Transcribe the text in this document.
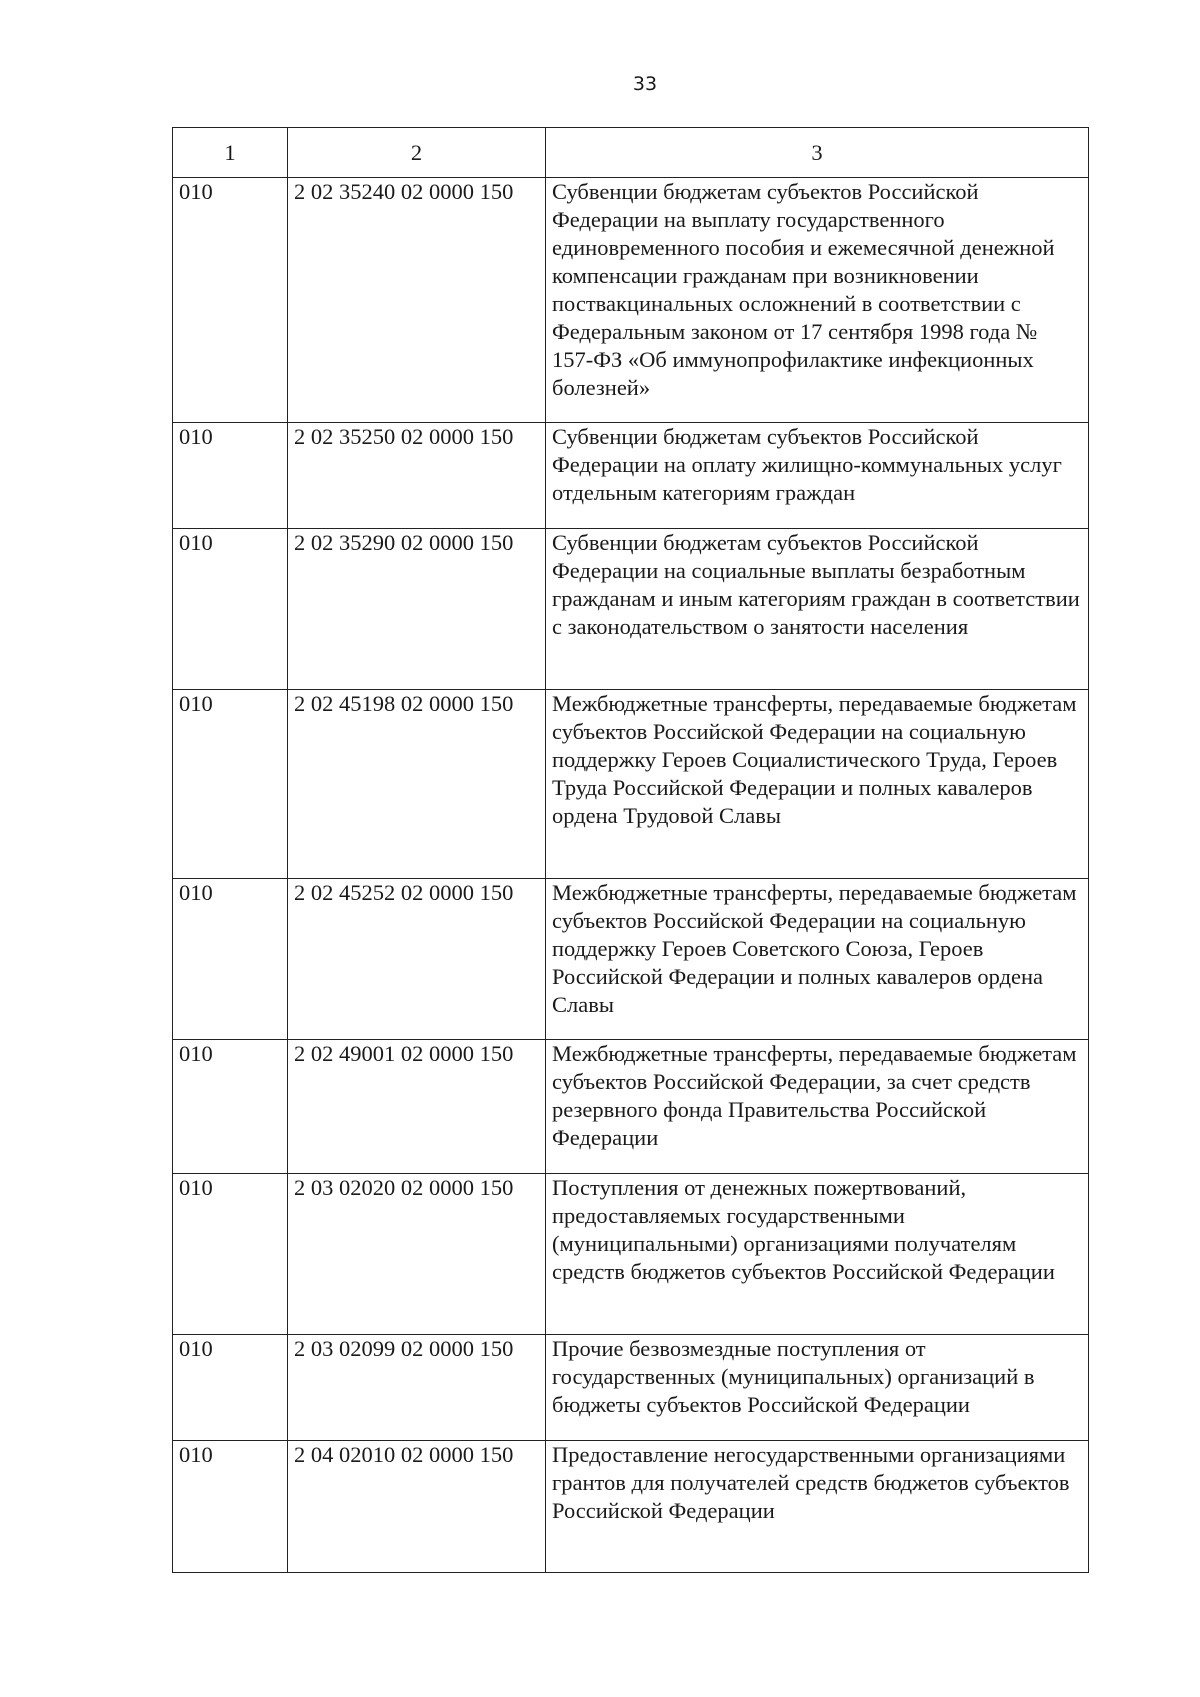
33
1	2	3
010	2 02 35240 02 0000 150	Субвенции бюджетам субъектов Российской Федерации на выплату государственного единовременного пособия и ежемесячной денежной компенсации гражданам при возникновении поствакцинальных осложнений в соответствии с Федеральным законом от 17 сентября 1998 года № 157-ФЗ «Об иммунопрофилактике инфекционных болезней»
010	2 02 35250 02 0000 150	Субвенции бюджетам субъектов Российской Федерации на оплату жилищно-коммунальных услуг отдельным категориям граждан
010	2 02 35290 02 0000 150	Субвенции бюджетам субъектов Российской Федерации на социальные выплаты безработным гражданам и иным категориям граждан в соответствии с законодательством о занятости населения
010	2 02 45198 02 0000 150	Межбюджетные трансферты, передаваемые бюджетам субъектов Российской Федерации на социальную поддержку Героев Социалистического Труда, Героев Труда Российской Федерации и полных кавалеров ордена Трудовой Славы
010	2 02 45252 02 0000 150	Межбюджетные трансферты, передаваемые бюджетам субъектов Российской Федерации на социальную поддержку Героев Советского Союза, Героев Российской Федерации и полных кавалеров ордена Славы
010	2 02 49001 02 0000 150	Межбюджетные трансферты, передаваемые бюджетам субъектов Российской Федерации, за счет средств резервного фонда Правительства Российской Федерации
010	2 03 02020 02 0000 150	Поступления от денежных пожертвований, предоставляемых государственными (муниципальными) организациями получателям средств бюджетов субъектов Российской Федерации
010	2 03 02099 02 0000 150	Прочие безвозмездные поступления от государственных (муниципальных) организаций в бюджеты субъектов Российской Федерации
010	2 04 02010 02 0000 150	Предоставление негосударственными организациями грантов для получателей средств бюджетов субъектов Российской Федерации
